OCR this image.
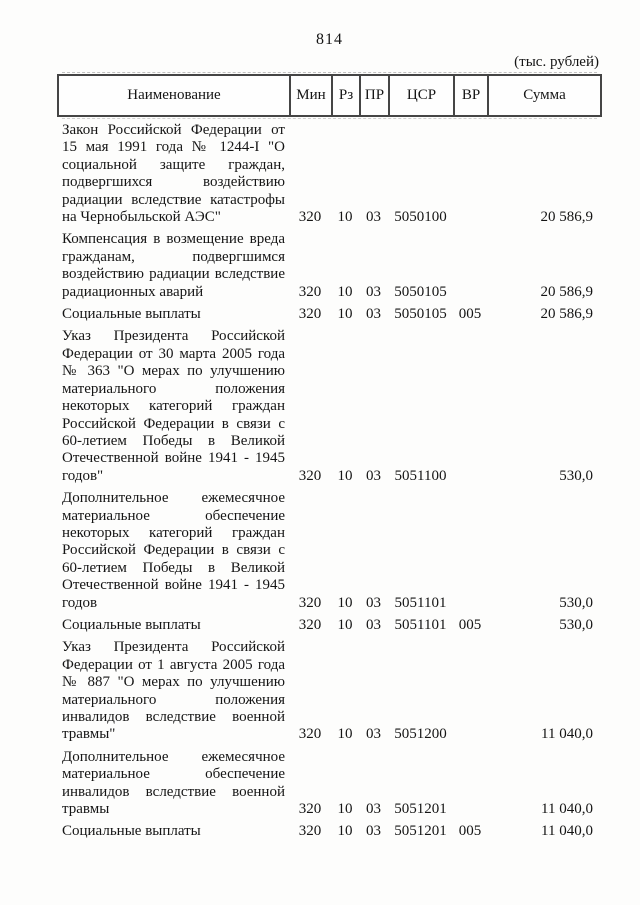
814
(тыс. рублей)
Наименование	Мин Рз ПР	ЦСР	ВР	Сумма
Закон Российской Федерации от 15 мая 1991 года № 1244-I "О социальной защите граждан, подвергшихся воздействию радиации вследствие катастрофы на Чернобыльской АЭС"	320	10 03 5050100	20 586,9
Компенсация в возмещение вреда гражданам, подвергшимся воздействию радиации вследствие радиационных аварий	320	10 03 5050105	20 586,9
Социальные выплаты	320	10 03 5050105 005	20 586,9
Указ Президента Российской Федерации от 30 марта 2005 года № 363 "О мерах по улучшению материального положения некоторых категорий граждан Российской Федерации в связи с 60-летием Победы в Великой Отечественной войне 1941 - 1945 годов"	320	10 03 5051100	530,0
Дополнительное ежемесячное материальное обеспечение некоторых категорий граждан Российской Федерации в связи с 60-летием Победы в Великой Отечественной войне 1941 - 1945 годов	320	10 03 5051101	530,0
Социальные выплаты	320	10 03 5051101 005	530,0
Указ Президента Российской Федерации от 1 августа 2005 года № 887 "О мерах по улучшению материального положения инвалидов вследствие военной травмы"	320	10 03 5051200	11 040,0
Дополнительное ежемесячное материальное обеспечение инвалидов вследствие военной травмы	320	10 03 5051201	11 040,0
Социальные выплаты	320	10 03 5051201 005	11 040,0
